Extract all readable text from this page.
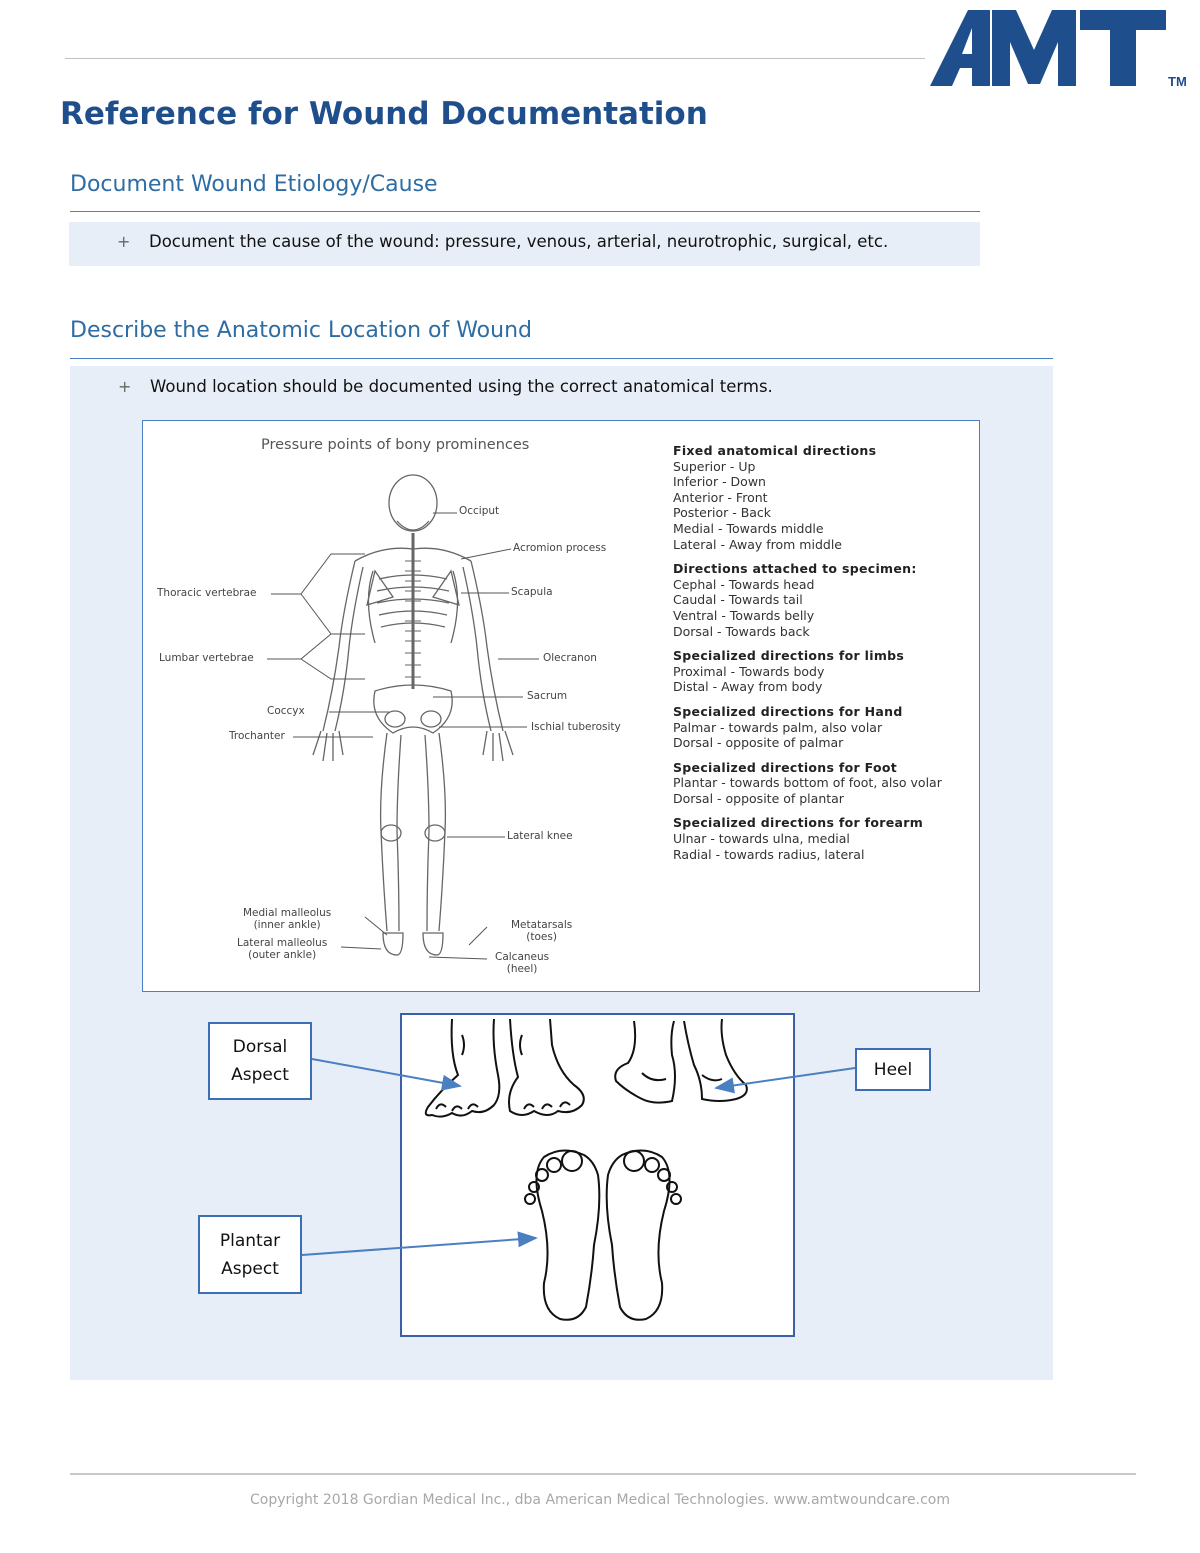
TM
Reference for Wound Documentation
Document Wound Etiology/Cause
+	Document the cause of the wound: pressure, venous, arterial, neurotrophic, surgical, etc.
Describe the Anatomic Location of Wound
+	Wound location should be documented using the correct anatomical terms.
Pressure points of bony prominences
Occiput
Acromion process
Thoracic vertebrae	Scapula
Lumbar vertebrae	Olecranon
Sacrum
Coccyx
Ischial tuberosity
Trochanter
Lateral knee
Medial malleolus
(inner ankle)
Lateral malleolus
(outer ankle)
Metatarsals
(toes)
Calcaneus
(heel)
Fixed anatomical directions
Superior - Up
Inferior - Down
Anterior - Front
Posterior - Back
Medial - Towards middle
Lateral - Away from middle
Directions attached to specimen:
Cephal - Towards head
Caudal - Towards tail
Ventral - Towards belly
Dorsal - Towards back
Specialized directions for limbs
Proximal - Towards body
Distal - Away from body
Specialized directions for Hand
Palmar - towards palm, also volar
Dorsal - opposite of palmar
Specialized directions for Foot
Plantar - towards bottom of foot, also volar
Dorsal - opposite of plantar
Specialized directions for forearm
Ulnar - towards ulna, medial
Radial - towards radius, lateral
Dorsal
Aspect	Heel
Plantar
Aspect
Copyright 2018 Gordian Medical Inc., dba American Medical Technologies. www.amtwoundcare.com
